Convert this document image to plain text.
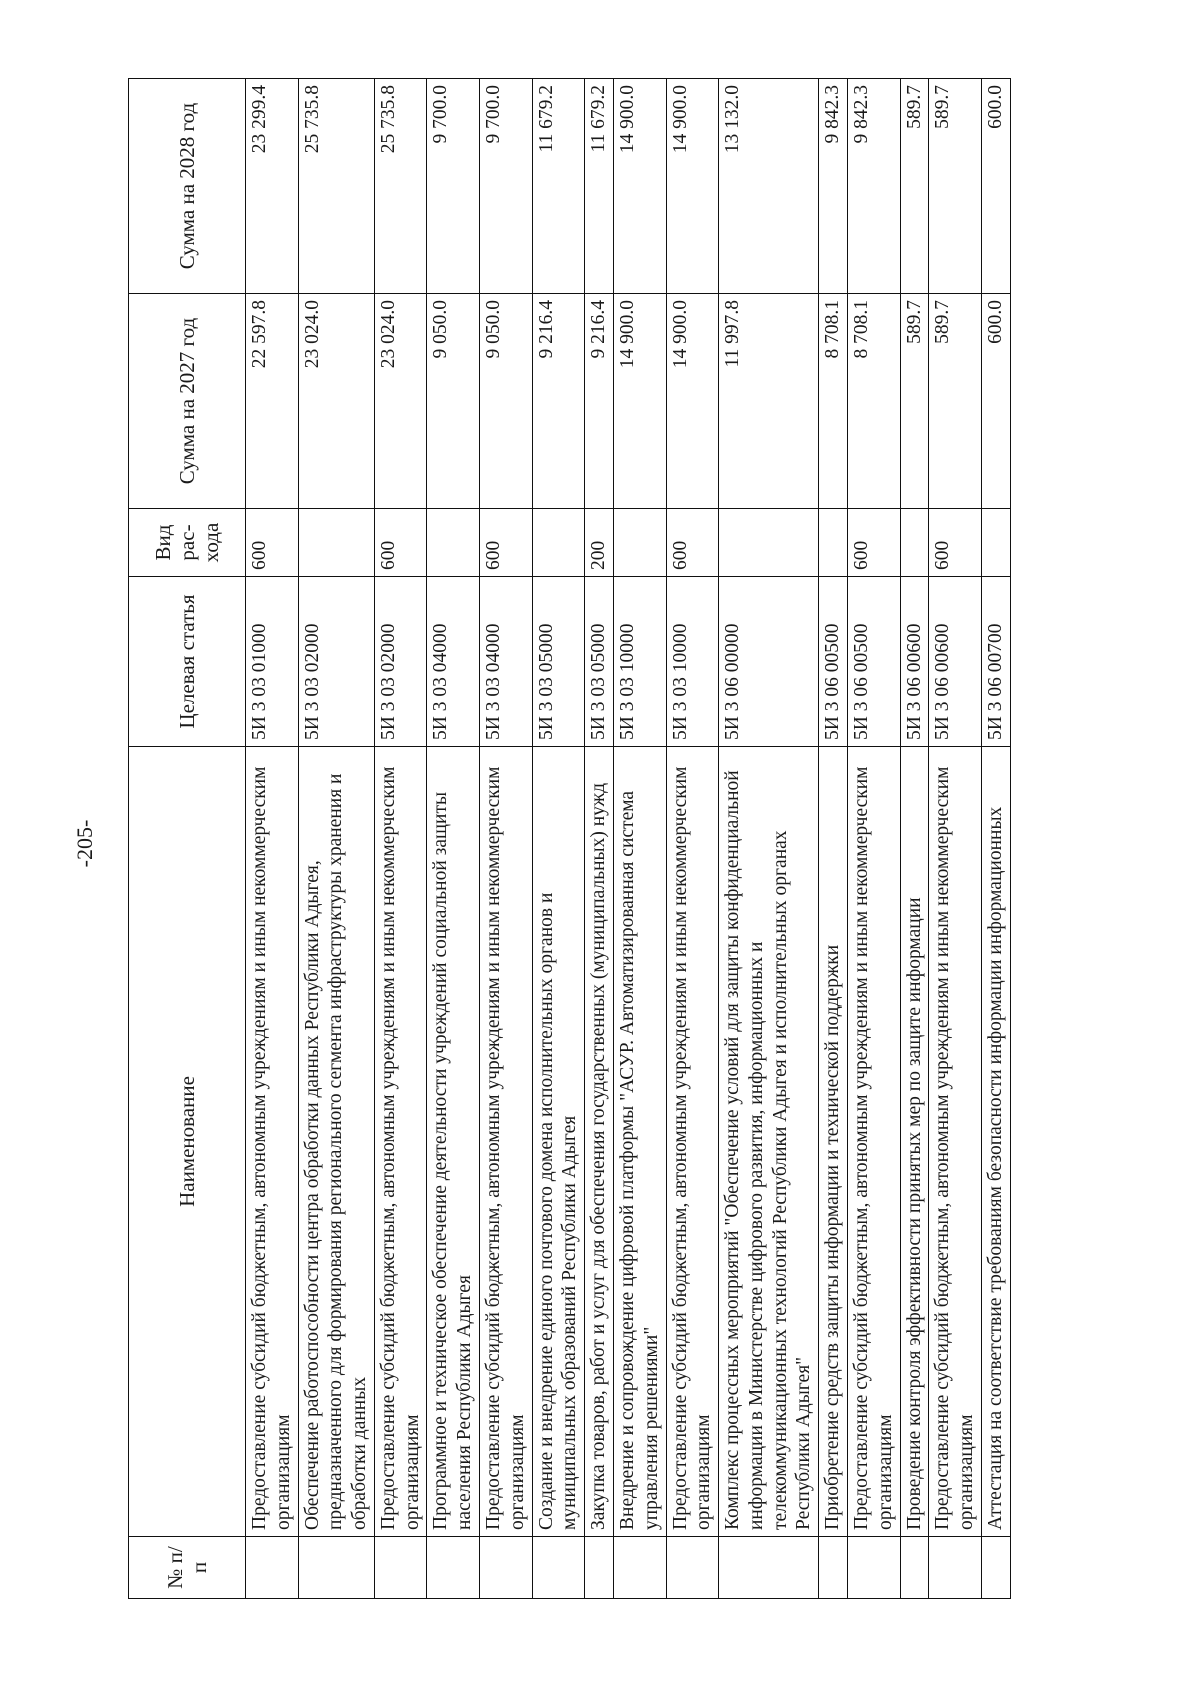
-205-
№ п/п	Наименование	Целевая статья	Вид рас-хода	Сумма на 2027 год	Сумма на 2028 год
	Предоставление субсидий бюджетным, автономным учреждениям и иным некоммерческим организациям	5И 3 03 01000	600	22 597.8	23 299.4
	Обеспечение работоспособности центра обработки данных Республики Адыгея, предназначенного для формирования регионального сегмента инфраструктуры хранения и обработки данных	5И 3 03 02000		23 024.0	25 735.8
	Предоставление субсидий бюджетным, автономным учреждениям и иным некоммерческим организациям	5И 3 03 02000	600	23 024.0	25 735.8
	Программное и техническое обеспечение деятельности учреждений социальной защиты населения Республики Адыгея	5И 3 03 04000		9 050.0	9 700.0
	Предоставление субсидий бюджетным, автономным учреждениям и иным некоммерческим организациям	5И 3 03 04000	600	9 050.0	9 700.0
	Создание и внедрение единого почтового домена исполнительных органов и муниципальных образований Республики Адыгея	5И 3 03 05000		9 216.4	11 679.2
	Закупка товаров, работ и услуг для обеспечения государственных (муниципальных) нужд	5И 3 03 05000	200	9 216.4	11 679.2
	Внедрение и сопровождение цифровой платформы "АСУР. Автоматизированная система управления решениями"	5И 3 03 10000		14 900.0	14 900.0
	Предоставление субсидий бюджетным, автономным учреждениям и иным некоммерческим организациям	5И 3 03 10000	600	14 900.0	14 900.0
	Комплекс процессных мероприятий "Обеспечение условий для защиты конфиденциальной информации в Министерстве цифрового развития, информационных и телекоммуникационных технологий Республики Адыгея и исполнительных органах Республики Адыгея"	5И 3 06 00000		11 997.8	13 132.0
	Приобретение средств защиты информации и технической поддержки	5И 3 06 00500		8 708.1	9 842.3
	Предоставление субсидий бюджетным, автономным учреждениям и иным некоммерческим организациям	5И 3 06 00500	600	8 708.1	9 842.3
	Проведение контроля эффективности принятых мер по защите информации	5И 3 06 00600		589.7	589.7
	Предоставление субсидий бюджетным, автономным учреждениям и иным некоммерческим организациям	5И 3 06 00600	600	589.7	589.7
	Аттестация на соответствие требованиям безопасности информации информационных	5И 3 06 00700		600.0	600.0
